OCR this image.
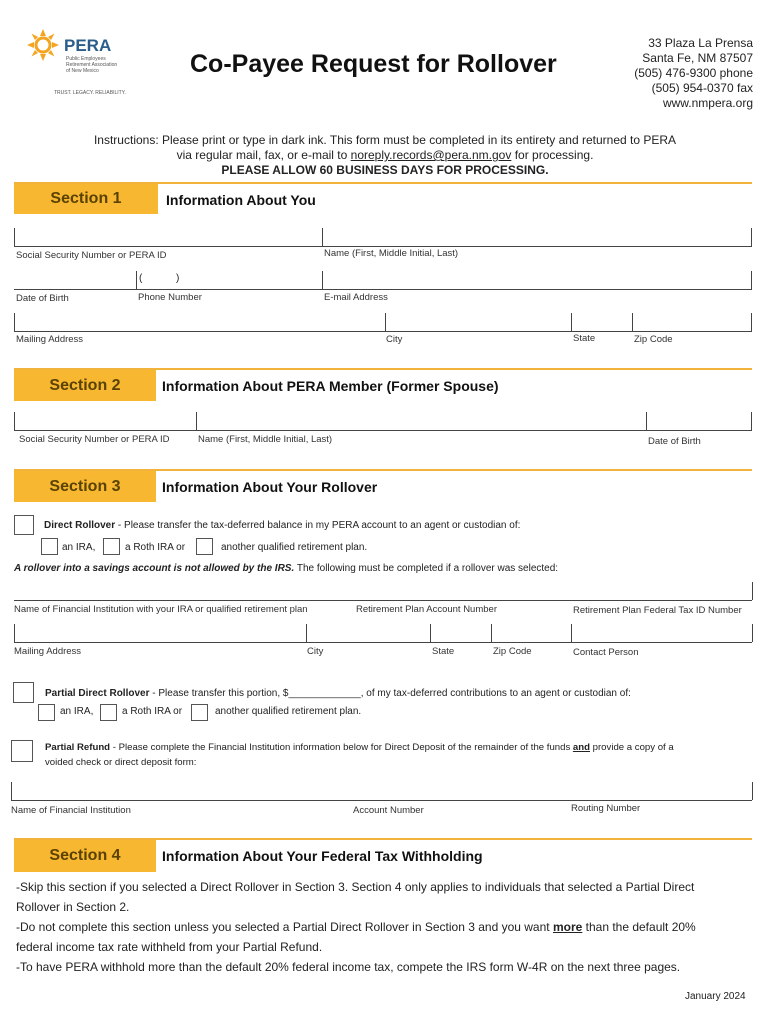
PERA
Public Employees
Retirement Association
of New Mexico
TRUST. LEGACY. RELIABILITY.
Co-Payee Request for Rollover
33 Plaza La Prensa
Santa Fe, NM 87507
(505) 476-9300 phone
(505) 954-0370 fax
www.nmpera.org
Instructions: Please print or type in dark ink. This form must be completed in its entirety and returned to PERA
via regular mail, fax, or e-mail to noreply.records@pera.nm.gov for processing.
PLEASE ALLOW 60 BUSINESS DAYS FOR PROCESSING.
Section 1	Information About You
Social Security Number or PERA ID	Name (First, Middle Initial, Last)
(	)
Date of Birth	Phone Number	E-mail Address
Mailing Address	City	State	Zip Code
Section 2	Information About PERA Member (Former Spouse)
Social Security Number or PERA ID	Name (First, Middle Initial, Last)	Date of Birth
Section 3	Information About Your Rollover
Direct Rollover - Please transfer the tax-deferred balance in my PERA account to an agent or custodian of:
an IRA,	a Roth IRA or	another qualified retirement plan.
A rollover into a savings account is not allowed by the IRS. The following must be completed if a rollover was selected:
Name of Financial Institution with your IRA or qualified retirement plan	Retirement Plan Account Number	Retirement Plan Federal Tax ID Number
Mailing Address	City	State	Zip Code	Contact Person
Partial Direct Rollover - Please transfer this portion, $_____________, of my tax-deferred contributions to an agent or custodian of:
an IRA,	a Roth IRA or	another qualified retirement plan.
Partial Refund - Please complete the Financial Institution information below for Direct Deposit of the remainder of the funds and provide a copy of a
voided check or direct deposit form:
Name of Financial Institution	Account Number	Routing Number
Section 4	Information About Your Federal Tax Withholding
-Skip this section if you selected a Direct Rollover in Section 3. Section 4 only applies to individuals that selected a Partial Direct
Rollover in Section 2.
-Do not complete this section unless you selected a Partial Direct Rollover in Section 3 and you want more than the default 20%
federal income tax rate withheld from your Partial Refund.
-To have PERA withhold more than the default 20% federal income tax, compete the IRS form W-4R on the next three pages.
January 2024
